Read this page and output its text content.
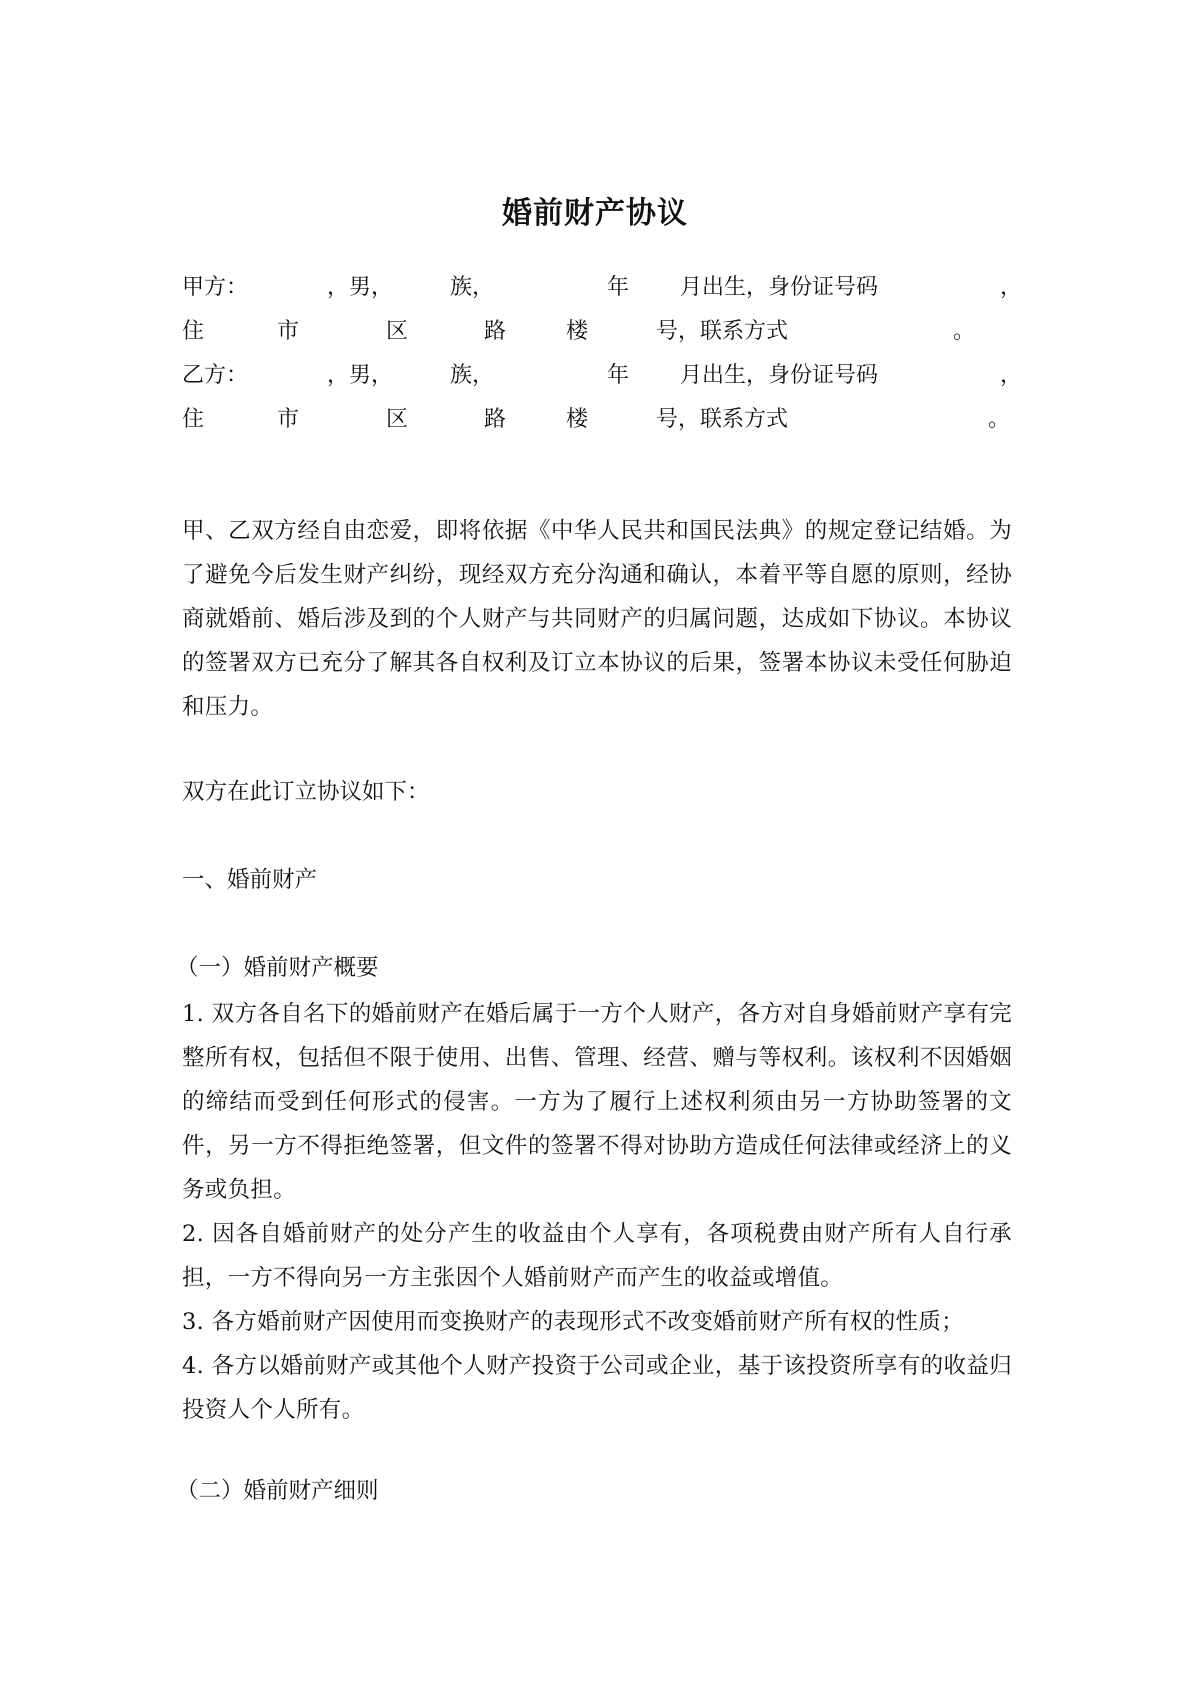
婚前财产协议
甲方：	，男，	族，	年 月出生，身份证号码	，
住	市	区	路	楼	号，联系方式	。
乙方：	，男，	族，	年 月出生，身份证号码	，
住	市	区	路	楼	号，联系方式	。
甲、乙双方经自由恋爱，即将依据《中华人民共和国民法典》的规定登记结婚。为了避免今后发生财产纠纷，现经双方充分沟通和确认，本着平等自愿的原则，经协商就婚前、婚后涉及到的个人财产与共同财产的归属问题，达成如下协议。本协议的签署双方已充分了解其各自权利及订立本协议的后果，签署本协议未受任何胁迫和压力。
双方在此订立协议如下：
一、婚前财产
（一）婚前财产概要
1. 双方各自名下的婚前财产在婚后属于一方个人财产，各方对自身婚前财产享有完整所有权，包括但不限于使用、出售、管理、经营、赠与等权利。该权利不因婚姻的缔结而受到任何形式的侵害。一方为了履行上述权利须由另一方协助签署的文件，另一方不得拒绝签署，但文件的签署不得对协助方造成任何法律或经济上的义务或负担。
2. 因各自婚前财产的处分产生的收益由个人享有，各项税费由财产所有人自行承担，一方不得向另一方主张因个人婚前财产而产生的收益或增值。
3. 各方婚前财产因使用而变换财产的表现形式不改变婚前财产所有权的性质；
4. 各方以婚前财产或其他个人财产投资于公司或企业，基于该投资所享有的收益归投资人个人所有。
（二）婚前财产细则
